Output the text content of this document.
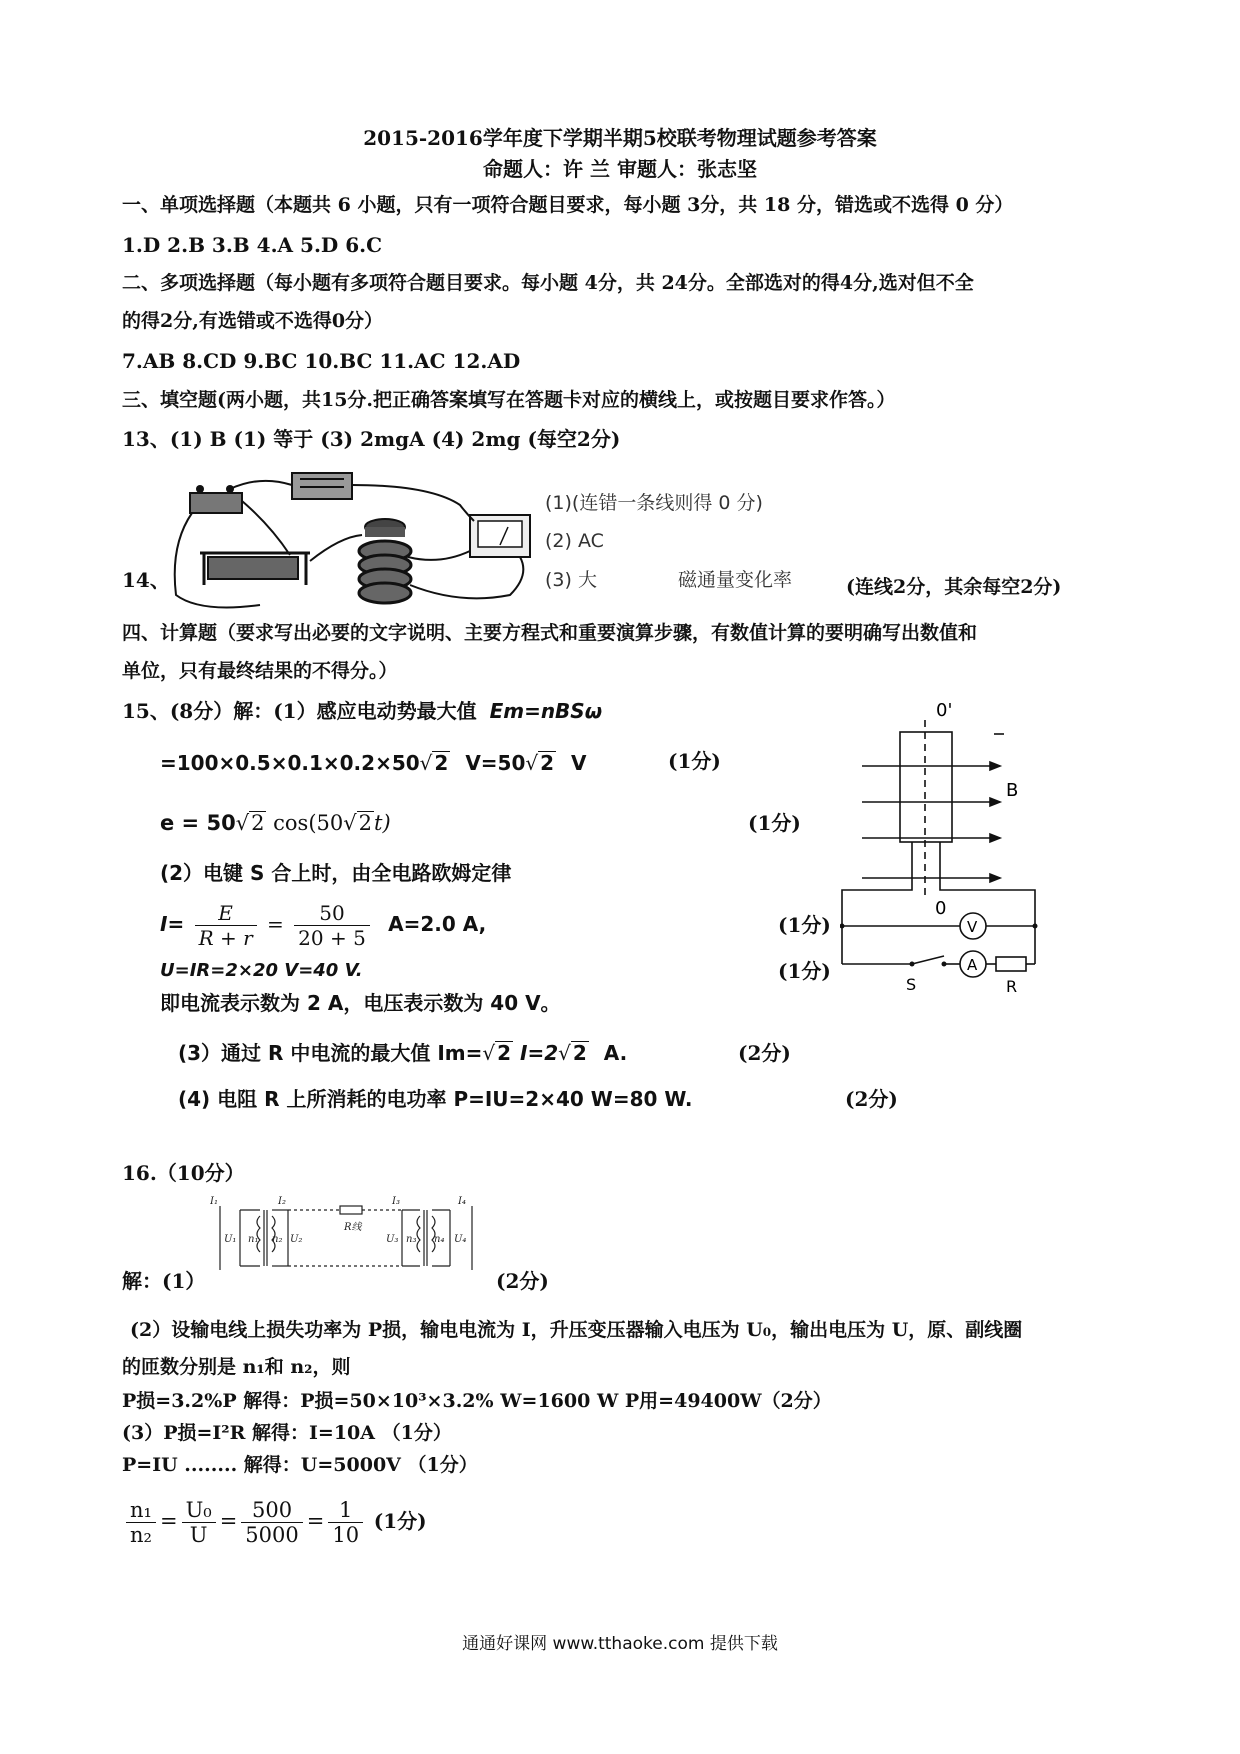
2015-2016学年度下学期半期5校联考物理试题参考答案
命题人：许 兰 审题人：张志坚
一、单项选择题（本题共 6 小题，只有一项符合题目要求，每小题 3分，共 18 分，错选或不选得 0 分）
1.D 2.B 3.B 4.A 5.D 6.C
二、多项选择题（每小题有多项符合题目要求。每小题 4分，共 24分。全部选对的得4分,选对但不全
的得2分,有选错或不选得0分）
7.AB 8.CD 9.BC 10.BC 11.AC 12.AD
三、填空题(两小题，共15分.把正确答案填写在答题卡对应的横线上，或按题目要求作答。）
13、(1) B (1) 等于 (3) 2mgA (4) 2mg (每空2分)
14、
(1)(连错一条线则得 0 分)
(2) AC
(3) 大	磁通量变化率	(连线2分，其余每空2分)
四、计算题（要求写出必要的文字说明、主要方程式和重要演算步骤，有数值计算的要明确写出数值和
单位，只有最终结果的不得分。）
15、(8分）解：(1）感应电动势最大值 Em=nBSω
=100×0.5×0.1×0.2×50√ 2 V=50√ 2 V	(1分)
e = 50√2 cos(50√2t)	(1分)
(2）电键 S 合上时，由全电路欧姆定律
$I= \frac{E}{R + r} = \frac{50}{20 + 5} A=2.0$ A,	(1分)
U=IR=2×20 V=40 V.	(1分)
即电流表示数为 2 A，电压表示数为 40 V。
(3）通过 R 中电流的最大值 Im=√ 2 I=2√ 2 A.	(2分)
(4) 电阻 R 上所消耗的电功率 P=IU=2×40 W=80 W.	(2分)
0'
0
B
V
A
S	R
16.（10分）
I₁	I₂	I₃	I₄
U₁ n₁ n₂ U₂
R线
U₃ n₃ n₄ U₄
解：(1）	(2分)
(2）设输电线上损失功率为 P损，输电电流为 I，升压变压器输入电压为 U₀，输出电压为 U，原、副线圈
的匝数分别是 n₁和 n₂，则
P损=3.2%P 解得：P损=50×10³×3.2% W=1600 W P用=49400W（2分）
(3）P损=I²R 解得：I=10A （1分）
P=IU ........ 解得：U=5000V （1分）
$\frac{\text{n₁}}{\text{n₂}} = \frac{\text{U₀}}{U} = \frac{500}{5000} = \frac{1}{10} (1$分)
通通好课网 www.tthaoke.com 提供下载
